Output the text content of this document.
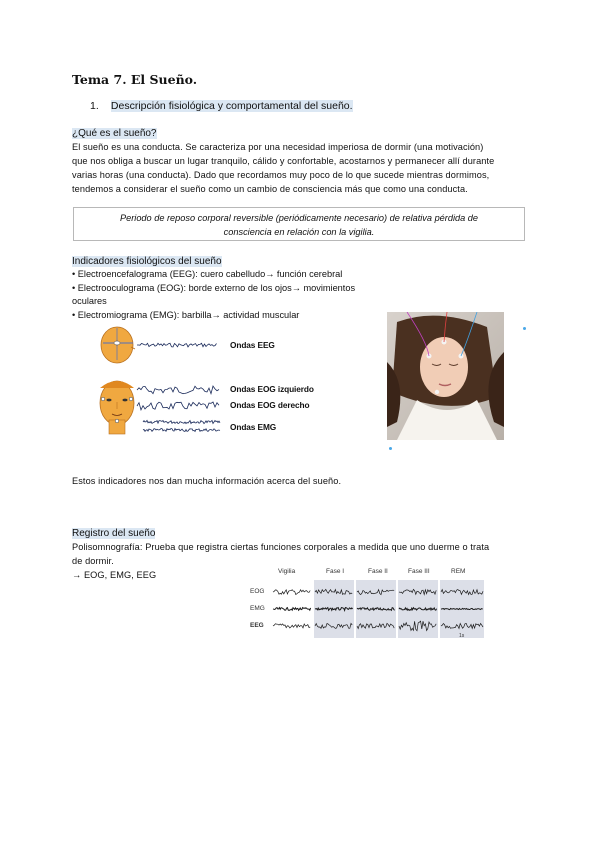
Tema 7. El Sueño.
1. Descripción fisiológica y comportamental del sueño.
¿Qué es el sueño?
El sueño es una conducta. Se caracteriza por una necesidad imperiosa de dormir (una motivación)
que nos obliga a buscar un lugar tranquilo, cálido y confortable, acostarnos y permanecer allí durante
varias horas (una conducta). Dado que recordamos muy poco de lo que sucede mientras dormimos,
tendemos a considerar el sueño como un cambio de consciencia más que como una conducta.
Periodo de reposo corporal reversible (periódicamente necesario) de relativa pérdida de
consciencia en relación con la vigilia.
Indicadores fisiológicos del sueño
• Electroencefalograma (EEG): cuero cabelludo→ función cerebral
• Electrooculograma (EOG): borde externo de los ojos→ movimientos oculares
• Electromiograma (EMG): barbilla→ actividad muscular
Ondas EEG
Ondas EOG izquierdo
Ondas EOG derecho
Ondas EMG
Estos indicadores nos dan mucha información acerca del sueño.
Registro del sueño
Polisomnografía: Prueba que registra ciertas funciones corporales a medida que uno duerme o trata
de dormir.
→ EOG, EMG, EEG	Vigilia	Fase I	Fase II	Fase III	REM
EOG
EMG
EEG
1s
